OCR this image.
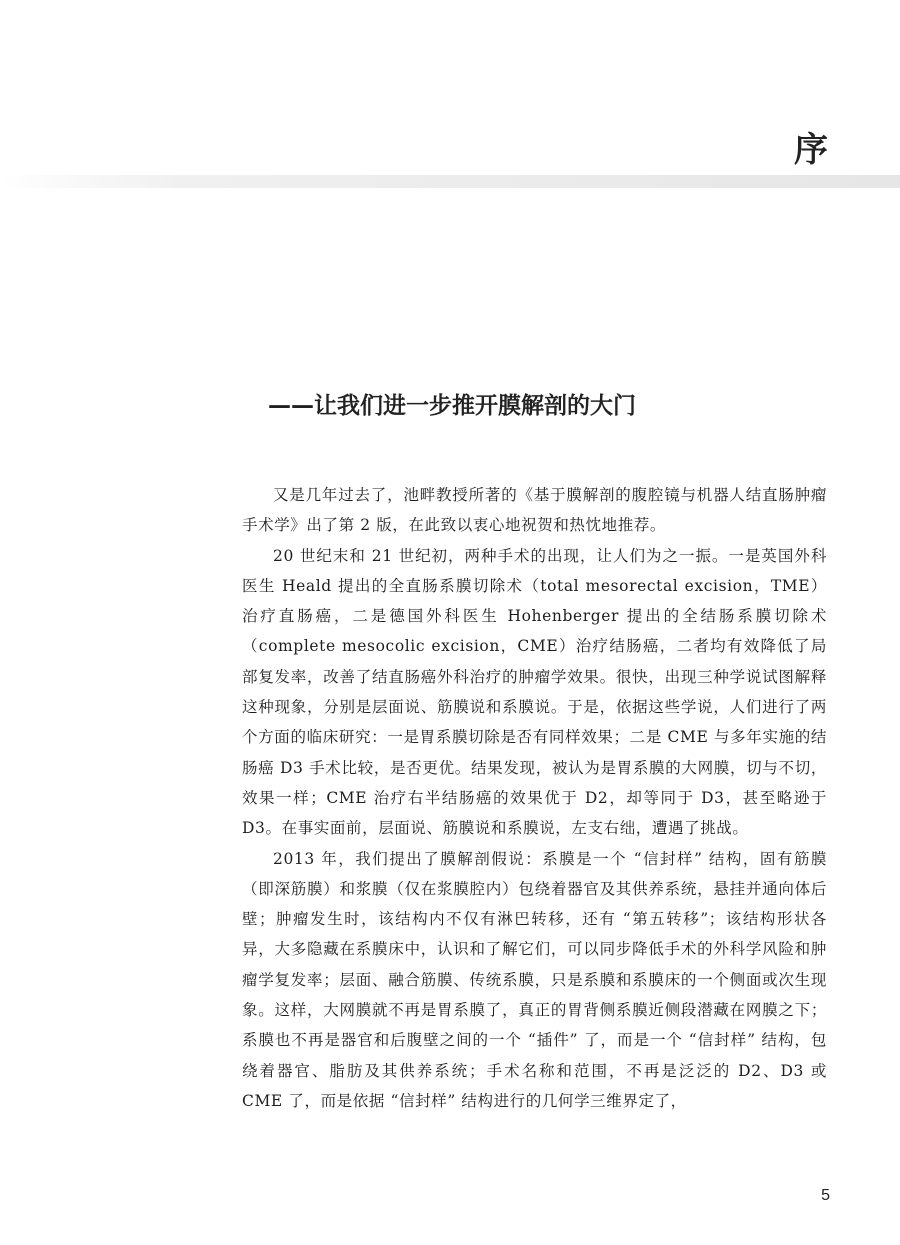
序
——让我们进一步推开膜解剖的大门

又是几年过去了，池畔教授所著的《基于膜解剖的腹腔镜与机器人结直肠肿瘤手术学》出了第 2 版，在此致以衷心地祝贺和热忱地推荐。

20 世纪末和 21 世纪初，两种手术的出现，让人们为之一振。一是英国外科医生 Heald 提出的全直肠系膜切除术（total mesorectal excision，TME）治疗直肠癌，二是德国外科医生 Hohenberger 提出的全结肠系膜切除术（complete mesocolic excision，CME）治疗结肠癌，二者均有效降低了局部复发率，改善了结直肠癌外科治疗的肿瘤学效果。很快，出现三种学说试图解释这种现象，分别是层面说、筋膜说和系膜说。于是，依据这些学说，人们进行了两个方面的临床研究：一是胃系膜切除是否有同样效果；二是 CME 与多年实施的结肠癌 D3 手术比较，是否更优。结果发现，被认为是胃系膜的大网膜，切与不切，效果一样；CME 治疗右半结肠癌的效果优于 D2，却等同于 D3，甚至略逊于 D3。在事实面前，层面说、筋膜说和系膜说，左支右绌，遭遇了挑战。

2013 年，我们提出了膜解剖假说：系膜是一个 “信封样” 结构，固有筋膜（即深筋膜）和浆膜（仅在浆膜腔内）包绕着器官及其供养系统，悬挂并通向体后壁；肿瘤发生时，该结构内不仅有淋巴转移，还有 “第五转移”；该结构形状各异，大多隐藏在系膜床中，认识和了解它们，可以同步降低手术的外科学风险和肿瘤学复发率；层面、融合筋膜、传统系膜，只是系膜和系膜床的一个侧面或次生现象。这样，大网膜就不再是胃系膜了，真正的胃背侧系膜近侧段潜藏在网膜之下；系膜也不再是器官和后腹壁之间的一个 “插件” 了，而是一个 “信封样” 结构，包绕着器官、脂肪及其供养系统；手术名称和范围，不再是泛泛的 D2、D3 或 CME 了，而是依据 “信封样” 结构进行的几何学三维界定了，

5
